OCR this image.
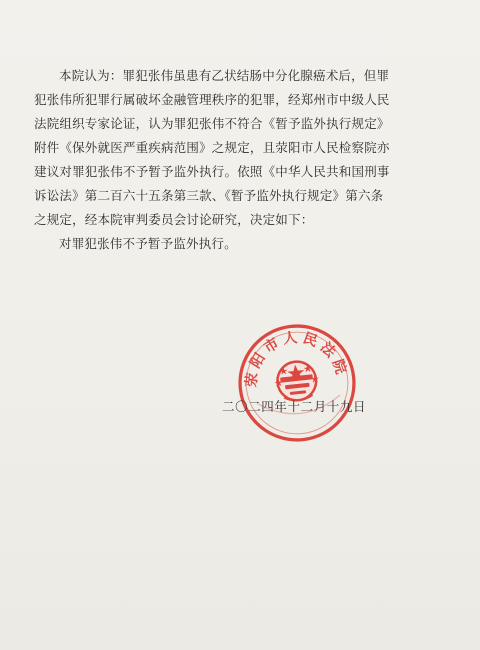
本院认为：罪犯张伟虽患有乙状结肠中分化腺癌术后，但罪

犯张伟所犯罪行属破坏金融管理秩序的犯罪，经郑州市中级人民

法院组织专家论证，认为罪犯张伟不符合《暂予监外执行规定》

附件《保外就医严重疾病范围》之规定，且荥阳市人民检察院亦

建议对罪犯张伟不予暂予监外执行。依照《中华人民共和国刑事

诉讼法》第二百六十五条第三款、《暂予监外执行规定》第六条

之规定，经本院审判委员会讨论研究，决定如下：

对罪犯张伟不予暂予监外执行。

荥阳市人民法院
二〇二四年十二月十九日
